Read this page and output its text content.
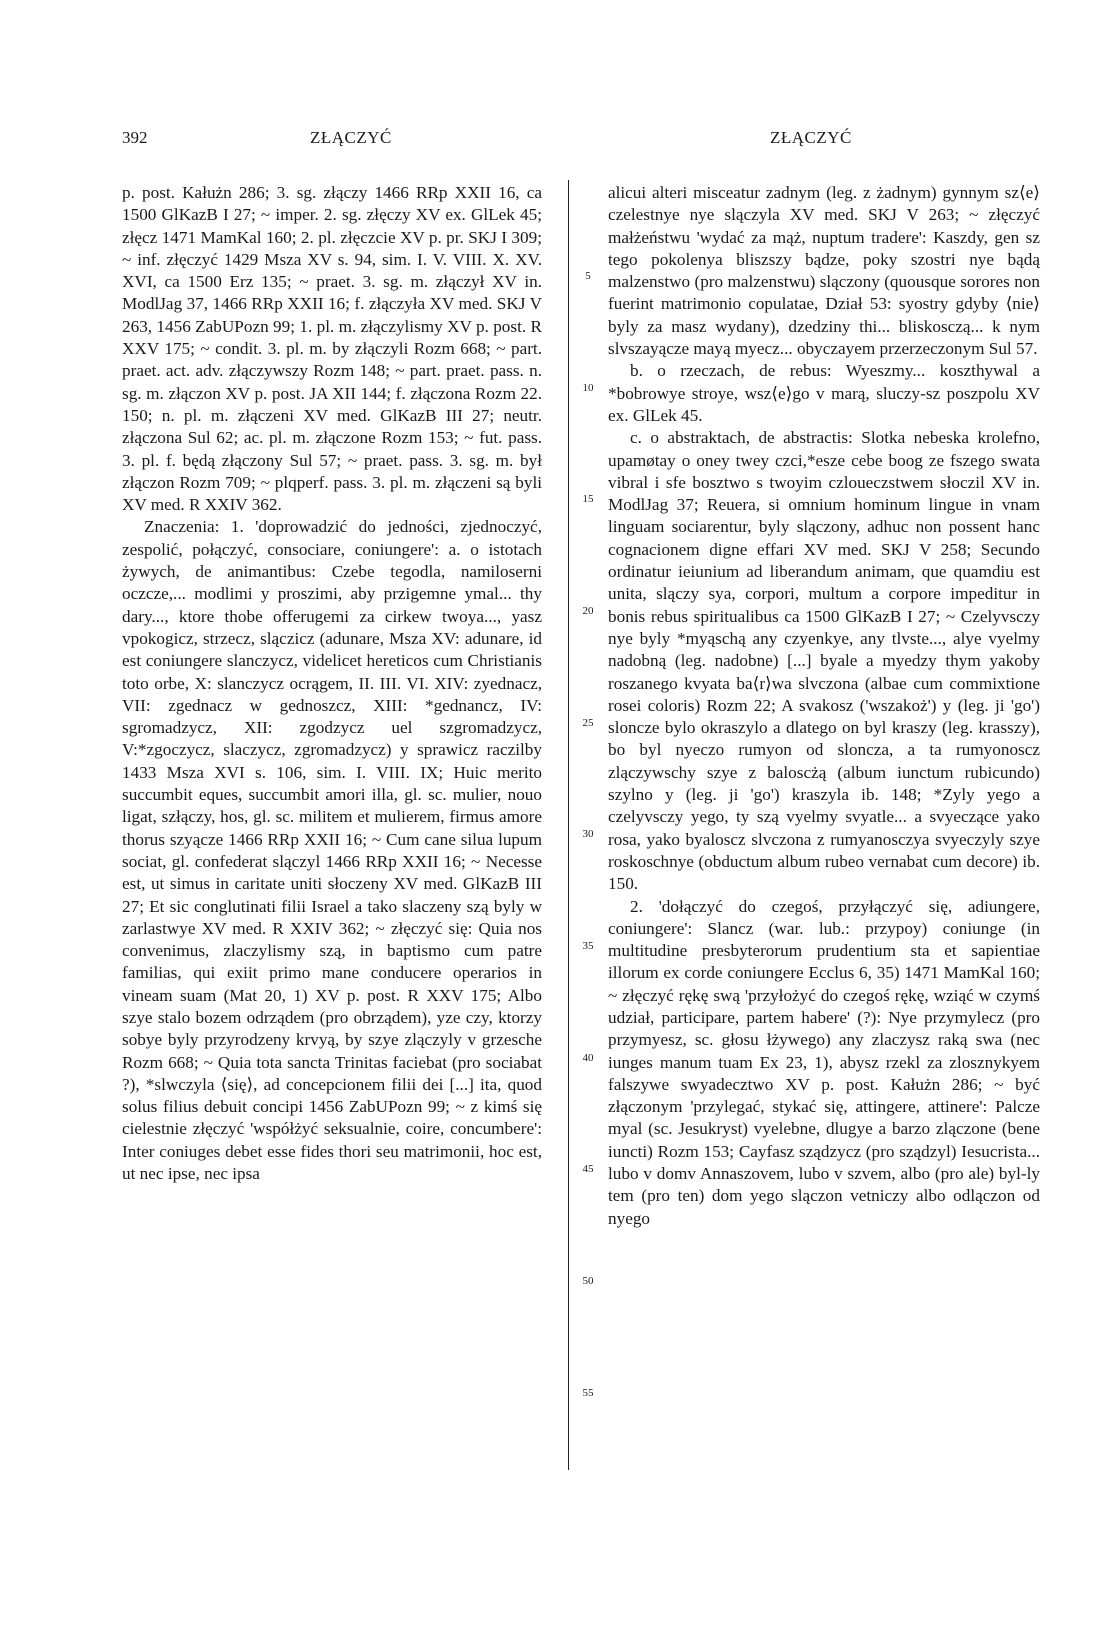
392	ZŁĄCZYĆ	ZŁĄCZYĆ

p. post. Kałużn 286; 3. sg. złączy 1466 RRp XXII 16, ca 1500 GlKazB I 27; ~ imper. 2. sg. złęczy XV ex. GlLek 45; złęcz 1471 MamKal 160; 2. pl. złęczcie XV p. pr. SKJ I 309; ~ inf. złęczyć 1429 Msza XV s. 94, sim. I. V. VIII. X. XV. XVI, ca 1500 Erz 135; ~ praet. 3. sg. m. złączył XV in. ModlJag 37, 1466 RRp XXII 16; f. złączyła XV med. SKJ V 263, 1456 ZabUPozn 99; 1. pl. m. złączylismy XV p. post. R XXV 175; ~ condit. 3. pl. m. by złączyli Rozm 668; ~ part. praet. act. adv. złączywszy Rozm 148; ~ part. praet. pass. n. sg. m. złączon XV p. post. JA XII 144; f. złączona Rozm 22. 150; n. pl. m. złączeni XV med. GlKazB III 27; neutr. złączona Sul 62; ac. pl. m. złączone Rozm 153; ~ fut. pass. 3. pl. f. będą złączony Sul 57; ~ praet. pass. 3. sg. m. był złączon Rozm 709; ~ plqperf. pass. 3. pl. m. złączeni są byli XV med. R XXIV 362.

Znaczenia: 1. 'doprowadzić do jedności, zjednoczyć, zespolić, połączyć, consociare, coniungere': a. o istotach żywych, de animantibus: Czebe tegodla, namiloserni oczcze,... modlimi y proszimi, aby przigemne ymal... thy dary..., ktore thobe offerugemi za cirkew twoya..., yasz vpokogicz, strzecz, slączicz (adunare, Msza XV: adunare, id est coniungere slanczycz, videlicet hereticos cum Christianis toto orbe, X: slanczycz ocrągem, II. III. VI. XIV: zyednacz, VII: zgednacz w gednoszcz, XIII: *gednancz, IV: sgromadzycz, XII: zgodzycz uel szgromadzycz, V:*zgoczycz, slaczycz, zgromadzycz) y sprawicz raczilby 1433 Msza XVI s. 106, sim. I. VIII. IX; Huic merito succumbit eques, succumbit amori illa, gl. sc. mulier, nouo ligat, szłączy, hos, gl. sc. militem et mulierem, firmus amore thorus szyącze 1466 RRp XXII 16; ~ Cum cane silua lupum sociat, gl. confederat slączyl 1466 RRp XXII 16; ~ Necesse est, ut simus in caritate uniti słoczeny XV med. GlKazB III 27; Et sic conglutinati filii Israel a tako slaczeny szą byly w zarlastwye XV med. R XXIV 362; ~ złęczyć się: Quia nos convenimus, zlaczylismy szą, in baptismo cum patre familias, qui exiit primo mane conducere operarios in vineam suam (Mat 20, 1) XV p. post. R XXV 175; Albo szye stalo bozem odrządem (pro obrządem), yze czy, ktorzy sobye byly przyrodzeny krvyą, by szye zlączyly v grzesche Rozm 668; ~ Quia tota sancta Trinitas faciebat (pro sociabat ?), *slwczyla ⟨się⟩, ad concepcionem filii dei [...] ita, quod solus filius debuit concipi 1456 ZabUPozn 99; ~ z kimś się cielestnie złęczyć 'współżyć seksualnie, coire, concumbere': Inter coniuges debet esse fides thori seu matrimonii, hoc est, ut nec ipse, nec ipsa

5
10
15
20
25
30
35
40
45
50
55

alicui alteri misceatur zadnym (leg. z żadnym) gynnym sz⟨e⟩ czelestnye nye slączyla XV med. SKJ V 263; ~ złęczyć małżeństwu 'wydać za mąż, nuptum tradere': Kaszdy, gen sz tego pokolenya bliszszy bądze, poky szostri nye bądą malzenstwo (pro malzenstwu) slączony (quousque sorores non fuerint matrimonio copulatae, Dział 53: syostry gdyby ⟨nie⟩ byly za masz wydany), dzedziny thi... bliskosczą... k nym slvszayącze mayą myecz... obyczayem przerzeczonym Sul 57.

b. o rzeczach, de rebus: Wyeszmy... koszthywal a *bobrowye stroye, wsz⟨e⟩go v marą, sluczy-sz poszpolu XV ex. GlLek 45.

c. o abstraktach, de abstractis: Slotka nebeska krolefno, upamøtay o oney twey czci,*esze cebe boog ze fszego swata vibral i sfe bosztwo s twoyim czloueczstwem słoczil XV in. ModlJag 37; Reuera, si omnium hominum lingue in vnam linguam sociarentur, byly slączony, adhuc non possent hanc cognacionem digne effari XV med. SKJ V 258; Secundo ordinatur ieiunium ad liberandum animam, que quamdiu est unita, slączy sya, corpori, multum a corpore impeditur in bonis rebus spiritualibus ca 1500 GlKazB I 27; ~ Czelyvsczy nye byly *myąschą any czyenkye, any tlvste..., alye vyelmy nadobną (leg. nadobne) [...] byale a myedzy thym yakoby roszanego kvyata ba⟨r⟩wa slvczona (albae cum commixtione rosei coloris) Rozm 22; A svakosz ('wszakoż') y (leg. ji 'go') sloncze bylo okraszylo a dlatego on byl kraszy (leg. krasszy), bo byl nyeczo rumyon od sloncza, a ta rumyonoscz zlączywschy szye z baloscżą (album iunctum rubicundo) szylno y (leg. ji 'go') kraszyla ib. 148; *Zyly yego a czelyvsczy yego, ty szą vyelmy svyatle... a svyeczące yako rosa, yako byaloscz slvczona z rumyanosczya svyeczyly szye roskoschnye (obductum album rubeo vernabat cum decore) ib. 150.

2. 'dołączyć do czegoś, przyłączyć się, adiungere, coniungere': Slancz (war. lub.: przypoy) coniunge (in multitudine presbyterorum prudentium sta et sapientiae illorum ex corde coniungere Ecclus 6, 35) 1471 MamKal 160; ~ złęczyć rękę swą 'przyłożyć do czegoś rękę, wziąć w czymś udział, participare, partem habere' (?): Nye przymylecz (pro przymyesz, sc. głosu łżywego) any zlaczysz raką swa (nec iunges manum tuam Ex 23, 1), abysz rzekl za zlosznykyem falszywe swyadecztwo XV p. post. Kałużn 286; ~ być złączonym 'przylegać, stykać się, attingere, attinere': Palcze myal (sc. Jesukryst) vyelebne, dlugye a barzo zlączone (bene iuncti) Rozm 153; Cayfasz sządzycz (pro sządzyl) Iesucrista... lubo v domv Annaszovem, lubo v szvem, albo (pro ale) byl-ly tem (pro ten) dom yego slączon vetniczy albo odlączon od nyego
